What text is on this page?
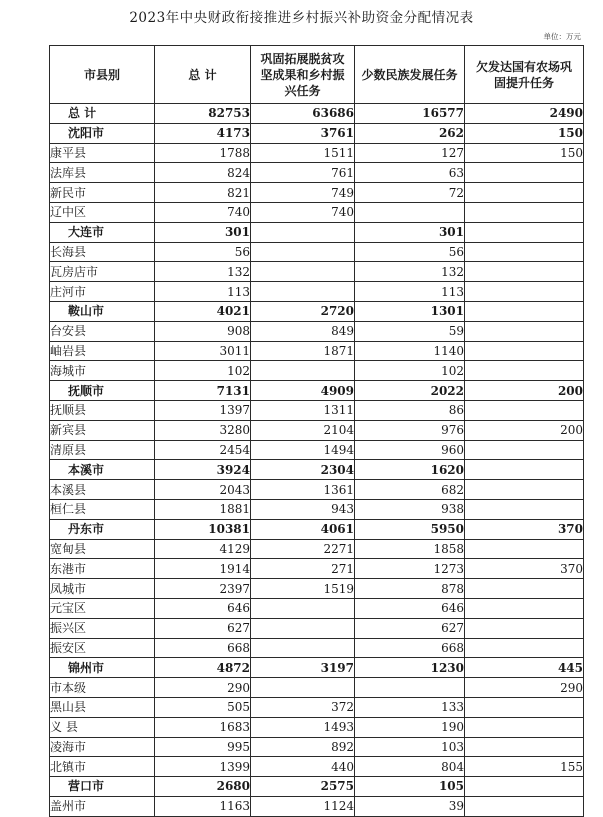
2023年中央财政衔接推进乡村振兴补助资金分配情况表
单位：万元
市县别	总 计	巩固拓展脱贫攻坚成果和乡村振兴任务	少数民族发展任务	欠发达国有农场巩固提升任务
总 计	82753	63686	16577	2490
沈阳市	4173	3761	262	150
康平县	1788	1511	127	150
法库县	824	761	63	
新民市	821	749	72	
辽中区	740	740		
大连市	301		301	
长海县	56		56	
瓦房店市	132		132	
庄河市	113		113	
鞍山市	4021	2720	1301	
台安县	908	849	59	
岫岩县	3011	1871	1140	
海城市	102		102	
抚顺市	7131	4909	2022	200
抚顺县	1397	1311	86	
新宾县	3280	2104	976	200
清原县	2454	1494	960	
本溪市	3924	2304	1620	
本溪县	2043	1361	682	
桓仁县	1881	943	938	
丹东市	10381	4061	5950	370
宽甸县	4129	2271	1858	
东港市	1914	271	1273	370
凤城市	2397	1519	878	
元宝区	646		646	
振兴区	627		627	
振安区	668		668	
锦州市	4872	3197	1230	445
市本级	290			290
黑山县	505	372	133	
义 县	1683	1493	190	
凌海市	995	892	103	
北镇市	1399	440	804	155
营口市	2680	2575	105	
盖州市	1163	1124	39	
